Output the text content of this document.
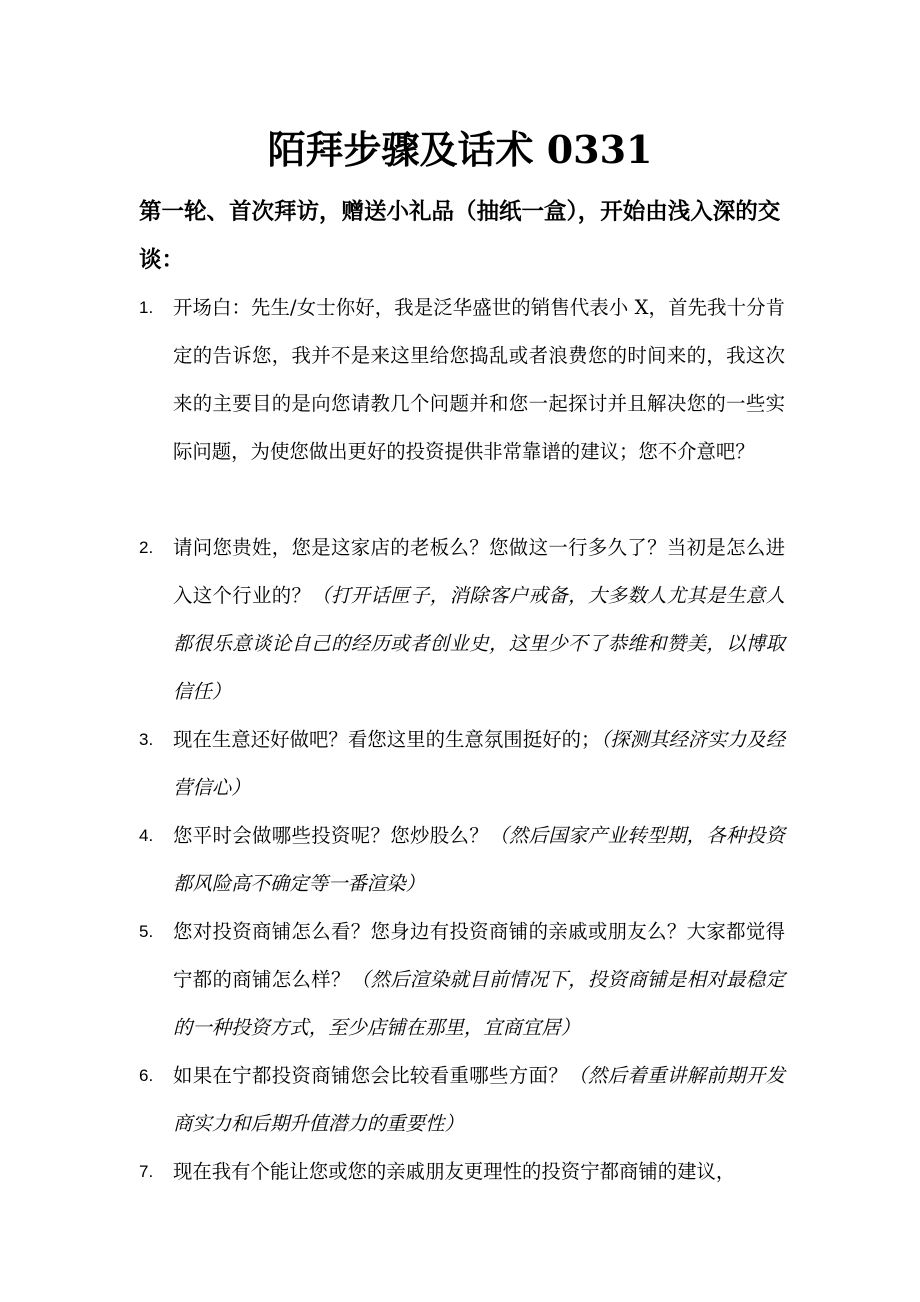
陌拜步骤及话术 0331
第一轮、首次拜访，赠送小礼品（抽纸一盒），开始由浅入深的交谈：
1.	开场白：先生/女士你好，我是泛华盛世的销售代表小 X，首先我十分肯定的告诉您，我并不是来这里给您捣乱或者浪费您的时间来的，我这次来的主要目的是向您请教几个问题并和您一起探讨并且解决您的一些实际问题，为使您做出更好的投资提供非常靠谱的建议；您不介意吧？
2.	请问您贵姓，您是这家店的老板么？您做这一行多久了？当初是怎么进入这个行业的？（打开话匣子，消除客户戒备，大多数人尤其是生意人都很乐意谈论自己的经历或者创业史，这里少不了恭维和赞美，以博取信任）
3.	现在生意还好做吧？看您这里的生意氛围挺好的；（探测其经济实力及经营信心）
4.	您平时会做哪些投资呢？您炒股么？（然后国家产业转型期，各种投资都风险高不确定等一番渲染）
5.	您对投资商铺怎么看？您身边有投资商铺的亲戚或朋友么？大家都觉得宁都的商铺怎么样？（然后渲染就目前情况下，投资商铺是相对最稳定的一种投资方式，至少店铺在那里，宜商宜居）
6.	如果在宁都投资商铺您会比较看重哪些方面？（然后着重讲解前期开发商实力和后期升值潜力的重要性）
7.	现在我有个能让您或您的亲戚朋友更理性的投资宁都商铺的建议，
